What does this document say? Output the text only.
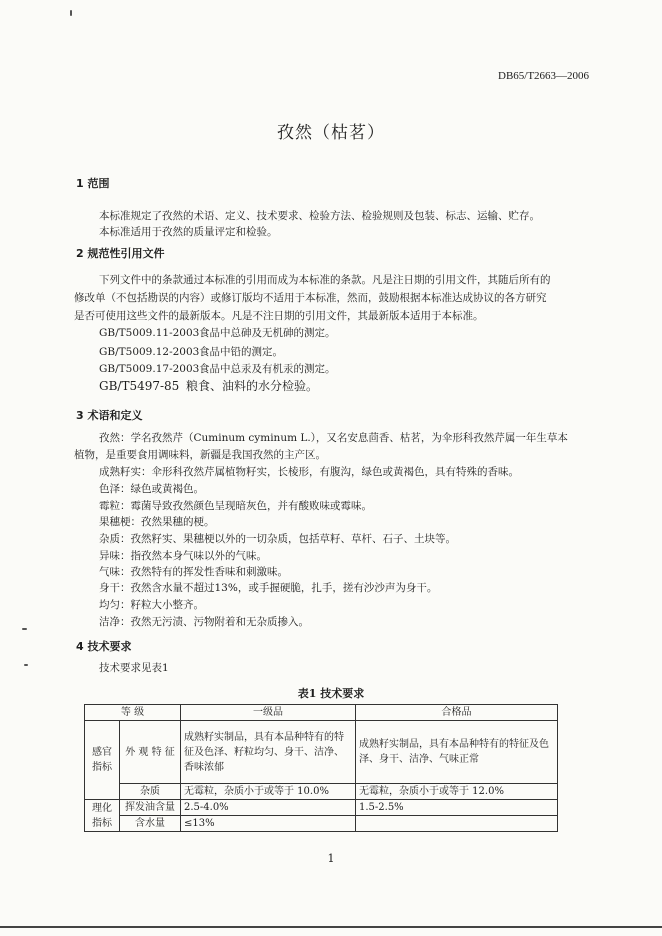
DB65/T2663—2006
孜然（枯茗）
1 范围
本标准规定了孜然的术语、定义、技术要求、检验方法、检验规则及包装、标志、运输、贮存。
本标准适用于孜然的质量评定和检验。
2 规范性引用文件
下列文件中的条款通过本标准的引用而成为本标准的条款。凡是注日期的引用文件，其随后所有的
修改单（不包括勘误的内容）或修订版均不适用于本标准，然而，鼓励根据本标准达成协议的各方研究
是否可使用这些文件的最新版本。凡是不注日期的引用文件，其最新版本适用于本标准。
GB/T5009.11-2003食品中总砷及无机砷的测定。
GB/T5009.12-2003食品中铅的测定。
GB/T5009.17-2003食品中总汞及有机汞的测定。
GB/T5497-85 粮食、油料的水分检验。
3 术语和定义
孜然：学名孜然芹（Cuminum cyminum L.），又名安息茴香、枯茗，为伞形科孜然芹属一年生草本
植物，是重要食用调味料，新疆是我国孜然的主产区。
成熟籽实：伞形科孜然芹属植物籽实，长棱形，有腹沟，绿色或黄褐色，具有特殊的香味。
色泽：绿色或黄褐色。
霉粒：霉菌导致孜然颜色呈现暗灰色，并有酸败味或霉味。
果穗梗：孜然果穗的梗。
杂质：孜然籽实、果穗梗以外的一切杂质，包括草籽、草杆、石子、土块等。
异味：指孜然本身气味以外的气味。
气味：孜然特有的挥发性香味和刺激味。
身干：孜然含水量不超过13%，或手握硬脆，扎手，搓有沙沙声为身干。
均匀：籽粒大小整齐。
洁净：孜然无污渍、污物附着和无杂质掺入。
4 技术要求
技术要求见表1
表1 技术要求
等 级		一级品	合格品
感官指标	外 观 特 征	成熟籽实制品，具有本品种特有的特征及色泽、籽粒均匀、身干、洁净、香味浓郁	成熟籽实制品，具有本品种特有的特征及色泽、身干、洁净、气味正常
	杂质	无霉粒，杂质小于或等于 10.0%	无霉粒，杂质小于或等于 12.0%
理化指标	挥发油含量	2.5-4.0%	1.5-2.5%
	含水量	≤13%	
1
